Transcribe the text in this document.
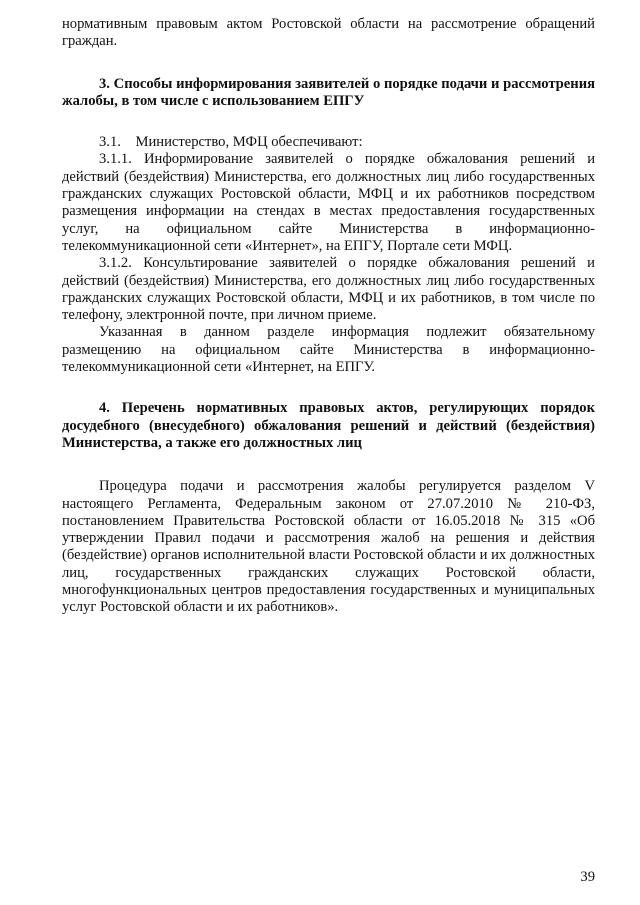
нормативным правовым актом Ростовской области на рассмотрение обращений граждан.

3. Способы информирования заявителей о порядке подачи и рассмотрения жалобы, в том числе с использованием ЕПГУ

3.1. Министерство, МФЦ обеспечивают:

3.1.1. Информирование заявителей о порядке обжалования решений и действий (бездействия) Министерства, его должностных лиц либо государственных гражданских служащих Ростовской области, МФЦ и их работников посредством размещения информации на стендах в местах предоставления государственных услуг, на официальном сайте Министерства в информационно-телекоммуникационной сети «Интернет», на ЕПГУ, Портале сети МФЦ.

3.1.2. Консультирование заявителей о порядке обжалования решений и действий (бездействия) Министерства, его должностных лиц либо государственных гражданских служащих Ростовской области, МФЦ и их работников, в том числе по телефону, электронной почте, при личном приеме.

Указанная в данном разделе информация подлежит обязательному размещению на официальном сайте Министерства в информационно-телекоммуникационной сети «Интернет, на ЕПГУ.

4. Перечень нормативных правовых актов, регулирующих порядок досудебного (внесудебного) обжалования решений и действий (бездействия) Министерства, а также его должностных лиц

Процедура подачи и рассмотрения жалобы регулируется разделом V настоящего Регламента, Федеральным законом от 27.07.2010 № 210-ФЗ, постановлением Правительства Ростовской области от 16.05.2018 № 315 «Об утверждении Правил подачи и рассмотрения жалоб на решения и действия (бездействие) органов исполнительной власти Ростовской области и их должностных лиц, государственных гражданских служащих Ростовской области, многофункциональных центров предоставления государственных и муниципальных услуг Ростовской области и их работников».

39
